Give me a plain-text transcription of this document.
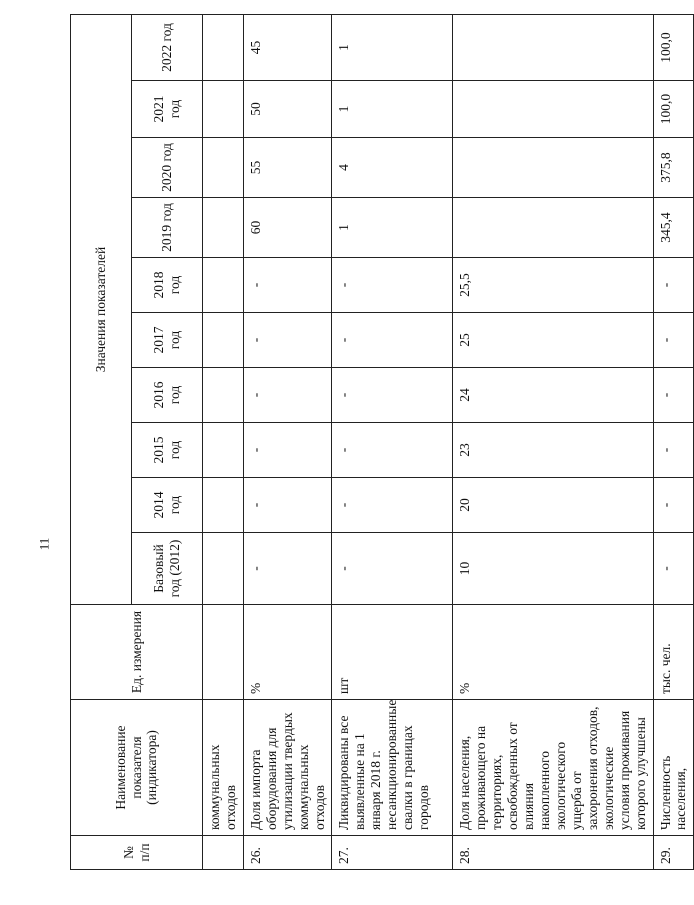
11
№ п/п	Наименование показателя (индикатора)	Ед. измерения	Значения показателей									
			Базовый год (2012)	2014 год	2015 год	2016 год	2017 год	2018 год	2019 год	2020 год	2021 год	2022 год
	коммунальных отходов											
26.	Доля импорта оборудования для утилизации твердых коммунальных отходов	%	-	-	-	-	-	-	60	55	50	45
27.	Ликвидированы все выявленные на 1 января 2018 г. несанкционированные свалки в границах городов	шт	-	-	-	-	-	-	1	4	1	1
28.	Доля населения, проживающего на территориях, освобожденных от влияния накопленного экологического ущерба от захоронения отходов, экологические условия проживания которого улучшены	%	10	20	23	24	25	25,5				
29.	Численность населения,	тыс. чел.	-	-	-	-	-	-	345,4	375,8	100,0	100,0
